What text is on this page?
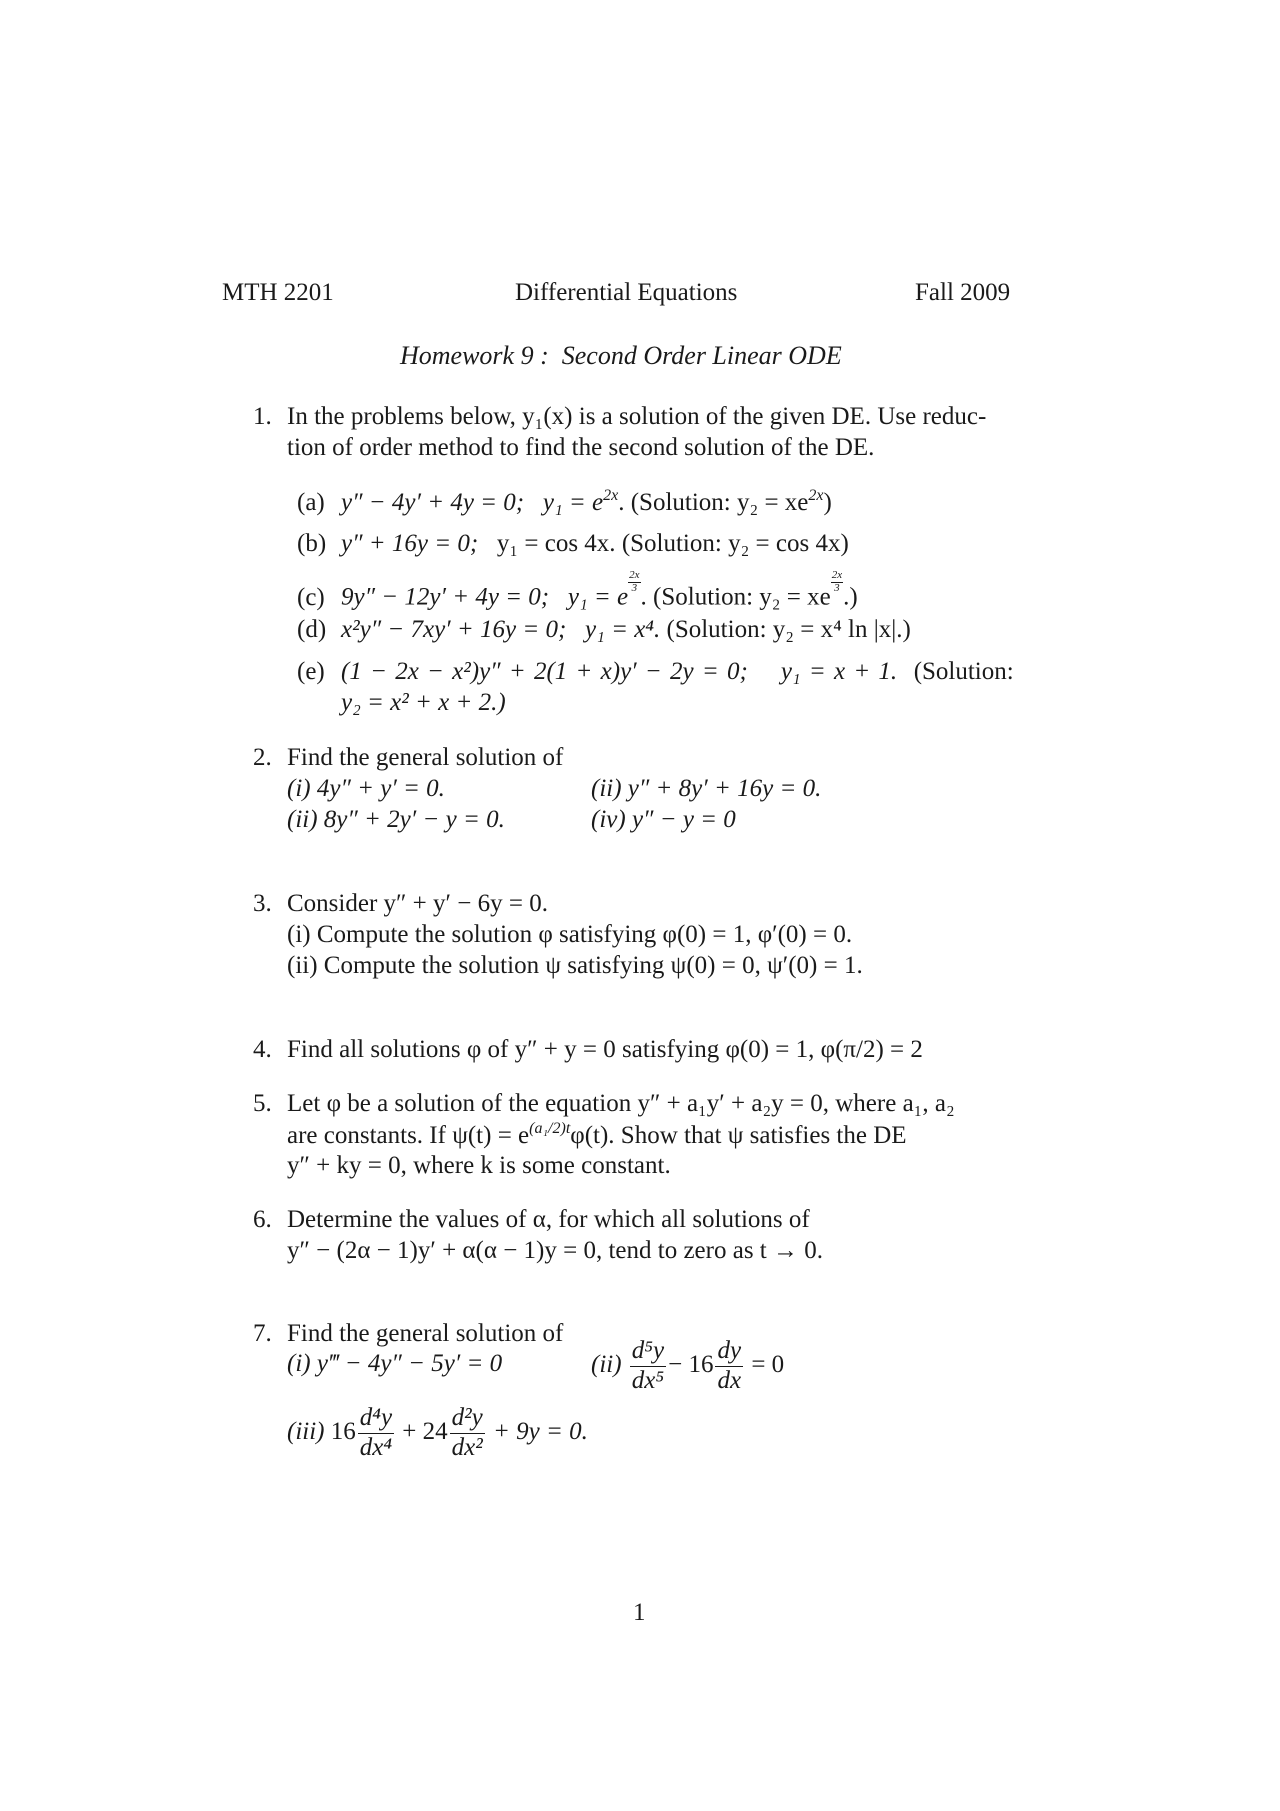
MTH 2201	Differential Equations	Fall 2009
Homework 9 : Second Order Linear ODE
1. In the problems below, y₁(x) is a solution of the given DE. Use reduc-
tion of order method to find the second solution of the DE.
(a) y″ − 4y′ + 4y = 0; $y_1 = e^{2x}$. (Solution: $y_2 = xe^{2x}$)
(b) y″ + 16y = 0; y₁ = cos 4x. (Solution: y₂ = cos 4x)
(c) 9y″ − 12y′ + 4y = 0; y₁ = e
$\frac{2x}{3}$
. (Solution: y₂ = xe
$\frac{2x}{3}$
.)
(d) x²y″ − 7xy′ + 16y = 0; y₁ = x⁴. (Solution: y₂ = x⁴ ln |x|.)
(e) (1 − 2x − x²)y″ + 2(1 + x)y′ − 2y = 0; y₁ = x + 1. (Solution:
y₂ = x² + x + 2.)
2. Find the general solution of
(i) 4y″ + y′ = 0.	(ii) y″ + 8y′ + 16y = 0.
(ii) 8y″ + 2y′ − y = 0.	(iv) y″ − y = 0
3. Consider y″ + y′ − 6y = 0.
(i) Compute the solution φ satisfying φ(0) = 1, φ′(0) = 0.
(ii) Compute the solution ψ satisfying ψ(0) = 0, ψ′(0) = 1.
4. Find all solutions φ of y″ + y = 0 satisfying φ(0) = 1, φ(π/2) = 2
5. Let φ be a solution of the equation y″ + a₁y′ + a₂y = 0, where a₁, a₂
are constants. If $\psi(t) = e^{(a_1/2)t}\varphi(t)$. Show that ψ satisfies the DE
y″ + ky = 0, where k is some constant.
6. Determine the values of α, for which all solutions of
y″ − (2α − 1)y′ + α(α − 1)y = 0, tend to zero as t → 0.
7. Find the general solution of
(i) y‴ − 4y″ − 5y′ = 0	$(ii) \frac{\text{d⁵y}}{\text{dx⁵}} - 16 \frac{dy}{dx} = 0$
(iii) $16 \frac{\text{d⁴y}}{\text{dx⁴}} + 24 \frac{\text{d²y}}{\text{dx²}} + 9y = 0$.
1
